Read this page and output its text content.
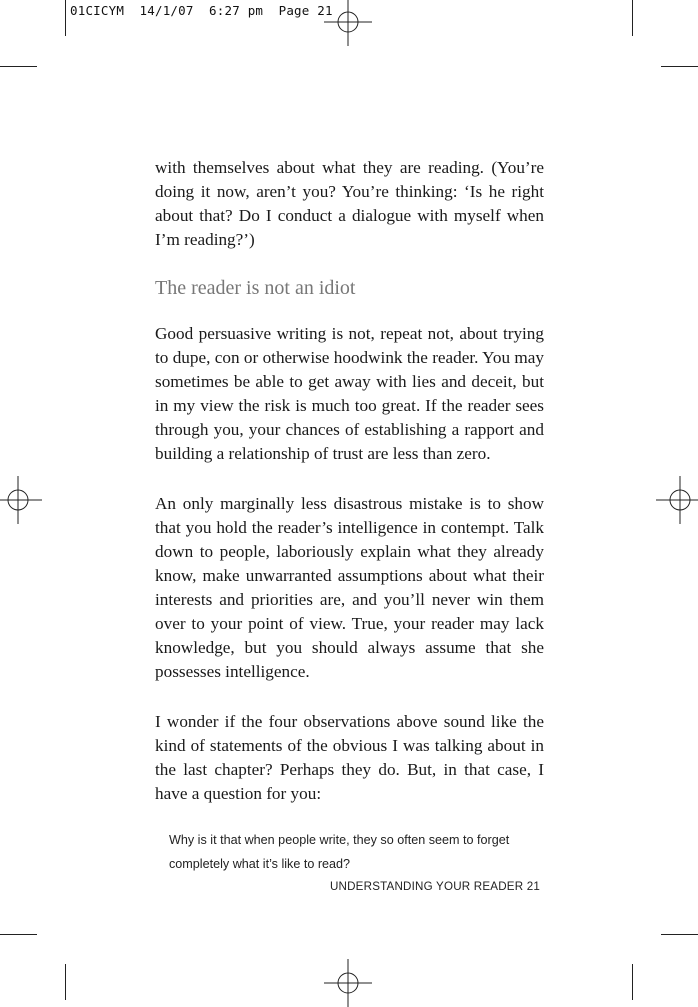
01CICYM  14/1/07  6:27 pm  Page 21

with themselves about what they are reading. (You’re doing it now, aren’t you? You’re thinking: ‘Is he right about that? Do I conduct a dialogue with myself when I’m reading?’)

The reader is not an idiot

Good persuasive writing is not, repeat not, about trying to dupe, con or otherwise hoodwink the reader. You may sometimes be able to get away with lies and deceit, but in my view the risk is much too great. If the reader sees through you, your chances of establishing a rapport and building a relationship of trust are less than zero.

An only marginally less disastrous mistake is to show that you hold the reader’s intelligence in contempt. Talk down to people, laboriously explain what they already know, make unwarranted assumptions about what their interests and priorities are, and you’ll never win them over to your point of view. True, your reader may lack knowledge, but you should always assume that she possesses intelligence.

I wonder if the four observations above sound like the kind of statements of the obvious I was talking about in the last chapter? Perhaps they do. But, in that case, I have a question for you:

Why is it that when people write, they so often seem to forget completely what it’s like to read?

UNDERSTANDING YOUR READER 21
